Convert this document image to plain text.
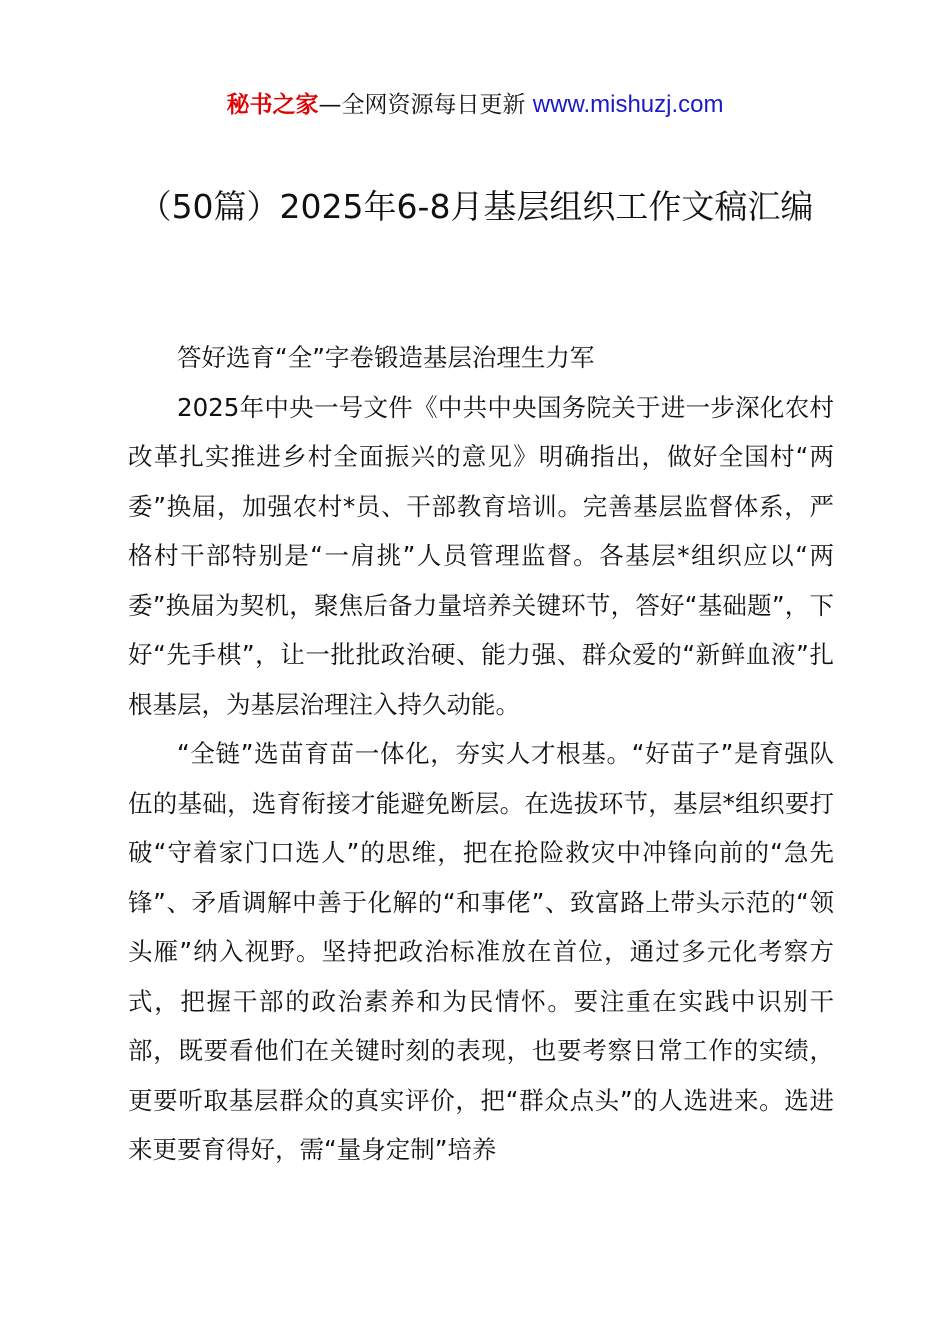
秘书之家—全网资源每日更新 www.mishuzj.com
（50篇）2025年6-8月基层组织工作文稿汇编

答好选育“全”字卷锻造基层治理生力军

2025年中央一号文件《中共中央国务院关于进一步深化农村改革扎实推进乡村全面振兴的意见》明确指出，做好全国村“两委”换届，加强农村*员、干部教育培训。完善基层监督体系，严格村干部特别是“一肩挑”人员管理监督。各基层*组织应以“两委”换届为契机，聚焦后备力量培养关键环节，答好“基础题”，下好“先手棋”，让一批批政治硬、能力强、群众爱的“新鲜血液”扎根基层，为基层治理注入持久动能。

“全链”选苗育苗一体化，夯实人才根基。“好苗子”是育强队伍的基础，选育衔接才能避免断层。在选拔环节，基层*组织要打破“守着家门口选人”的思维，把在抢险救灾中冲锋向前的“急先锋”、矛盾调解中善于化解的“和事佬”、致富路上带头示范的“领头雁”纳入视野。坚持把政治标准放在首位，通过多元化考察方式，把握干部的政治素养和为民情怀。要注重在实践中识别干部，既要看他们在关键时刻的表现，也要考察日常工作的实绩，更要听取基层群众的真实评价，把“群众点头”的人选进来。选进来更要育得好，需“量身定制”培养
